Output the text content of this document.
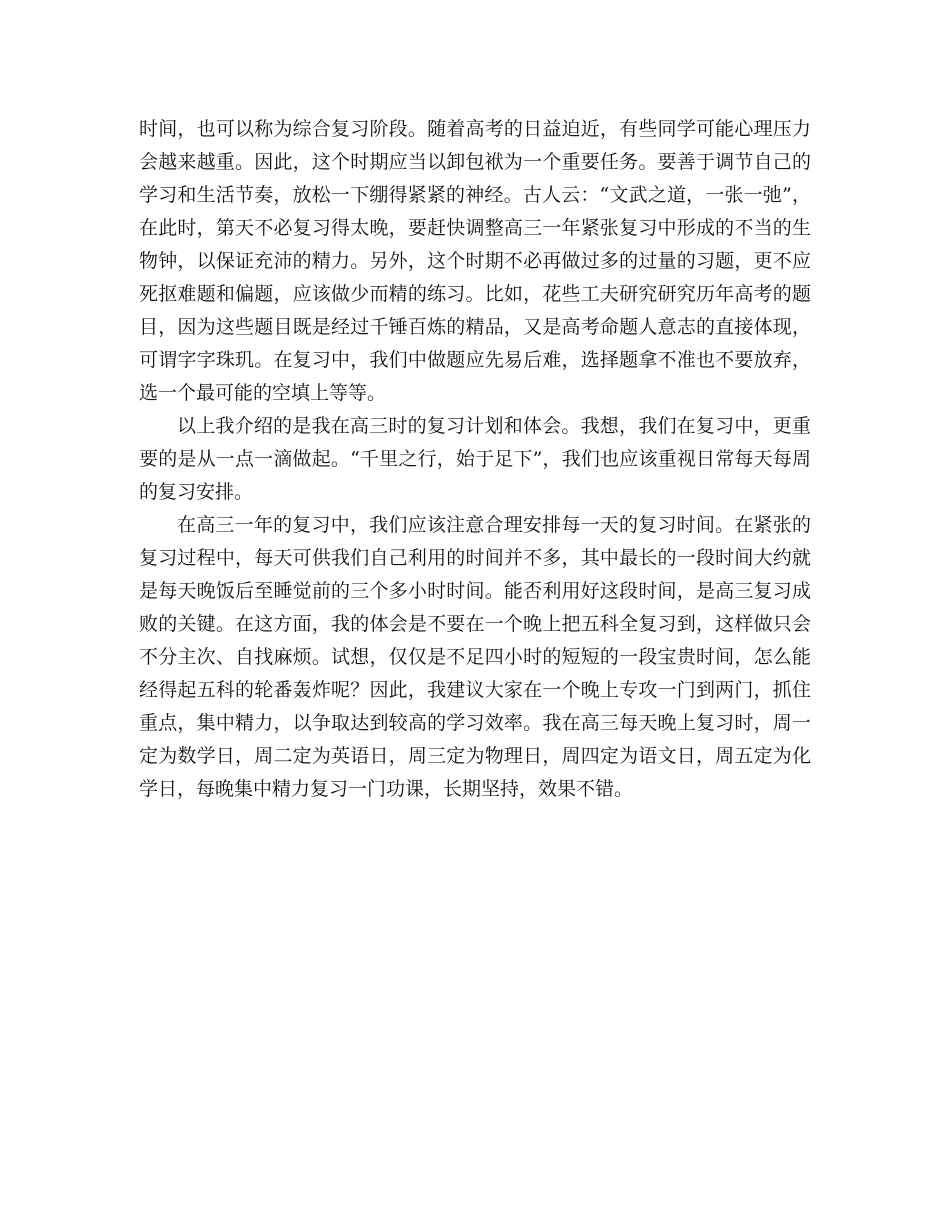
时间，也可以称为综合复习阶段。随着高考的日益迫近，有些同学可能心理压力会越来越重。因此，这个时期应当以卸包袱为一个重要任务。要善于调节自己的学习和生活节奏，放松一下绷得紧紧的神经。古人云：“文武之道，一张一弛”，在此时，第天不必复习得太晚，要赶快调整高三一年紧张复习中形成的不当的生物钟，以保证充沛的精力。另外，这个时期不必再做过多的过量的习题，更不应死抠难题和偏题，应该做少而精的练习。比如，花些工夫研究研究历年高考的题目，因为这些题目既是经过千锤百炼的精品，又是高考命题人意志的直接体现，可谓字字珠玑。在复习中，我们中做题应先易后难，选择题拿不准也不要放弃，选一个最可能的空填上等等。

以上我介绍的是我在高三时的复习计划和体会。我想，我们在复习中，更重要的是从一点一滴做起。“千里之行，始于足下”，我们也应该重视日常每天每周的复习安排。

在高三一年的复习中，我们应该注意合理安排每一天的复习时间。在紧张的复习过程中，每天可供我们自己利用的时间并不多，其中最长的一段时间大约就是每天晚饭后至睡觉前的三个多小时时间。能否利用好这段时间，是高三复习成败的关键。在这方面，我的体会是不要在一个晚上把五科全复习到，这样做只会不分主次、自找麻烦。试想，仅仅是不足四小时的短短的一段宝贵时间，怎么能经得起五科的轮番轰炸呢？因此，我建议大家在一个晚上专攻一门到两门，抓住重点，集中精力，以争取达到较高的学习效率。我在高三每天晚上复习时，周一定为数学日，周二定为英语日，周三定为物理日，周四定为语文日，周五定为化学日，每晚集中精力复习一门功课，长期坚持，效果不错。
